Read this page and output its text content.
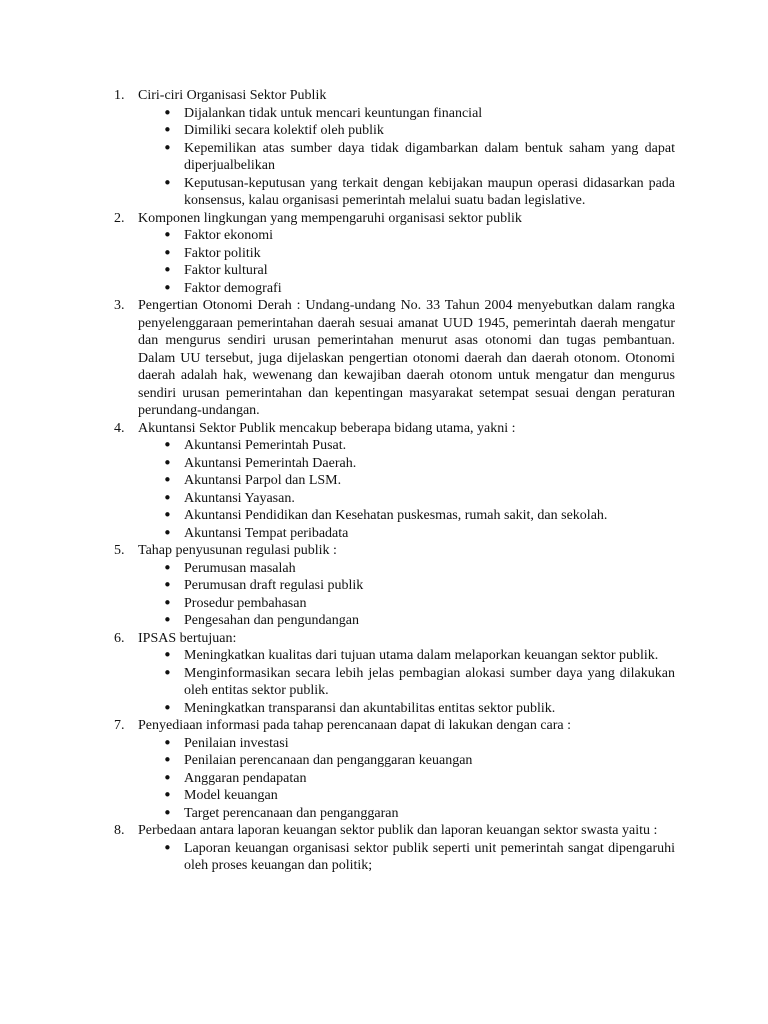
1. Ciri-ciri Organisasi Sektor Publik
• Dijalankan tidak untuk mencari keuntungan financial
• Dimiliki secara kolektif oleh publik
• Kepemilikan atas sumber daya tidak digambarkan dalam bentuk saham yang dapat diperjualbelikan
• Keputusan-keputusan yang terkait dengan kebijakan maupun operasi didasarkan pada konsensus, kalau organisasi pemerintah melalui suatu badan legislative.
2. Komponen lingkungan yang mempengaruhi organisasi sektor publik
• Faktor ekonomi
• Faktor politik
• Faktor kultural
• Faktor demografi
3. Pengertian Otonomi Derah : Undang-undang No. 33 Tahun 2004 menyebutkan dalam rangka penyelenggaraan pemerintahan daerah sesuai amanat UUD 1945, pemerintah daerah mengatur dan mengurus sendiri urusan pemerintahan menurut asas otonomi dan tugas pembantuan. Dalam UU tersebut, juga dijelaskan pengertian otonomi daerah dan daerah otonom. Otonomi daerah adalah hak, wewenang dan kewajiban daerah otonom untuk mengatur dan mengurus sendiri urusan pemerintahan dan kepentingan masyarakat setempat sesuai dengan peraturan perundang-undangan.
4. Akuntansi Sektor Publik mencakup beberapa bidang utama, yakni :
• Akuntansi Pemerintah Pusat.
• Akuntansi Pemerintah Daerah.
• Akuntansi Parpol dan LSM.
• Akuntansi Yayasan.
• Akuntansi Pendidikan dan Kesehatan puskesmas, rumah sakit, dan sekolah.
• Akuntansi Tempat peribadata
5. Tahap penyusunan regulasi publik :
• Perumusan masalah
• Perumusan draft regulasi publik
• Prosedur pembahasan
• Pengesahan dan pengundangan
6. IPSAS bertujuan:
• Meningkatkan kualitas dari tujuan utama dalam melaporkan keuangan sektor publik.
• Menginformasikan secara lebih jelas pembagian alokasi sumber daya yang dilakukan oleh entitas sektor publik.
• Meningkatkan transparansi dan akuntabilitas entitas sektor publik.
7. Penyediaan informasi pada tahap perencanaan dapat di lakukan dengan cara :
• Penilaian investasi
• Penilaian perencanaan dan penganggaran keuangan
• Anggaran pendapatan
• Model keuangan
• Target perencanaan dan penganggaran
8. Perbedaan antara laporan keuangan sektor publik dan laporan keuangan sektor swasta yaitu :
• Laporan keuangan organisasi sektor publik seperti unit pemerintah sangat dipengaruhi oleh proses keuangan dan politik;
